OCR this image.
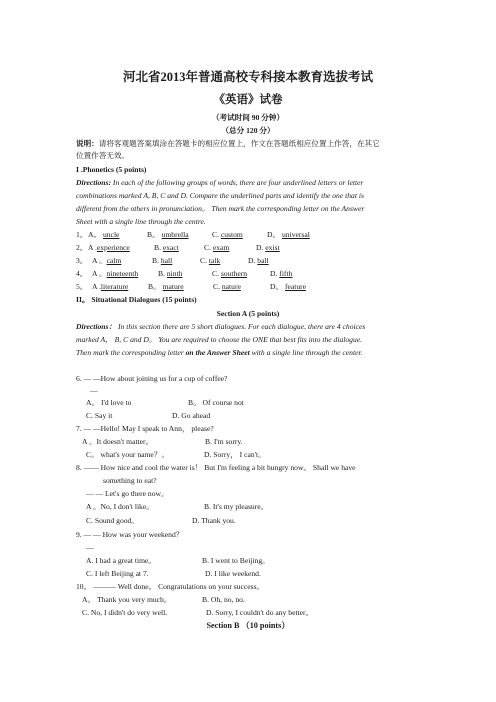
河北省2013年普通高校专科接本教育选拔考试
《英语》试卷
（考试时间 90 分钟）
（总分 120 分）
说明：请将客观题答案填涂在答题卡的相应位置上，作文在答题纸相应位置上作答，在其它
位置作答无效。
I .Phonetics (5 points)
Directions: In each of the following groups of words, there are four underlined letters or letter
combinations marked A, B, C and D. Compare the underlined parts and identify the one that is
different from the others in pronunciation。 Then mark the corresponding letter on the Answer
Sheet with a single line through the centre.
1。 A。 uncle	B。 umbrella	C. custom	D。 universal
2。 A .experience	B. exact	C. exam	D. exist
3。 A 。calm	B. hall	C. talk	D. ball
4。 A 。nineteenth	B. ninth	C. southern	D. fifth
5。 A .literature	B。 mature	C. nature	D。 feature
II。 Situational Dialogues (15 points)
Section A (5 points)
Directions： In this section there are 5 short dialogues. For each dialogue, there are 4 choices
marked A， B, C and D。 You are required to choose the ONE that best fits into the dialogue.
Then mark the corresponding letter on the Answer Sheet with a single line through the center.
6. — —How about joining us for a cup of coffee?
—
A。 I'd love to	B。 Of course not
C. Say it	D. Go ahead
7. — —Hello! May I speak to Ann， please?
A 。It doesn't matter。	B. I'm sorry.
C。 what's your name？。	D. Sorry， I can't。
8. —— How nice and cool the water is！ But I'm feeling a bit hungry now。 Shall we have
something to eat?
— — Let's go there now。
A 。No, I don't like。	B. It's my pleasure。
C. Sound good。	D. Thank you.
9. — — How was your weekend？
—
A. I had a great time。	B. I went to Beijing。
C. I left Beijing at 7.	D. I like weekend.
10。 ——— Well done。 Congratulations on your success。
A。 Thank you very much。	B. Oh, no, no.
C. No, I didn't do very well.	D. Sorry, I couldn't do any better。
Section B （10 points）
